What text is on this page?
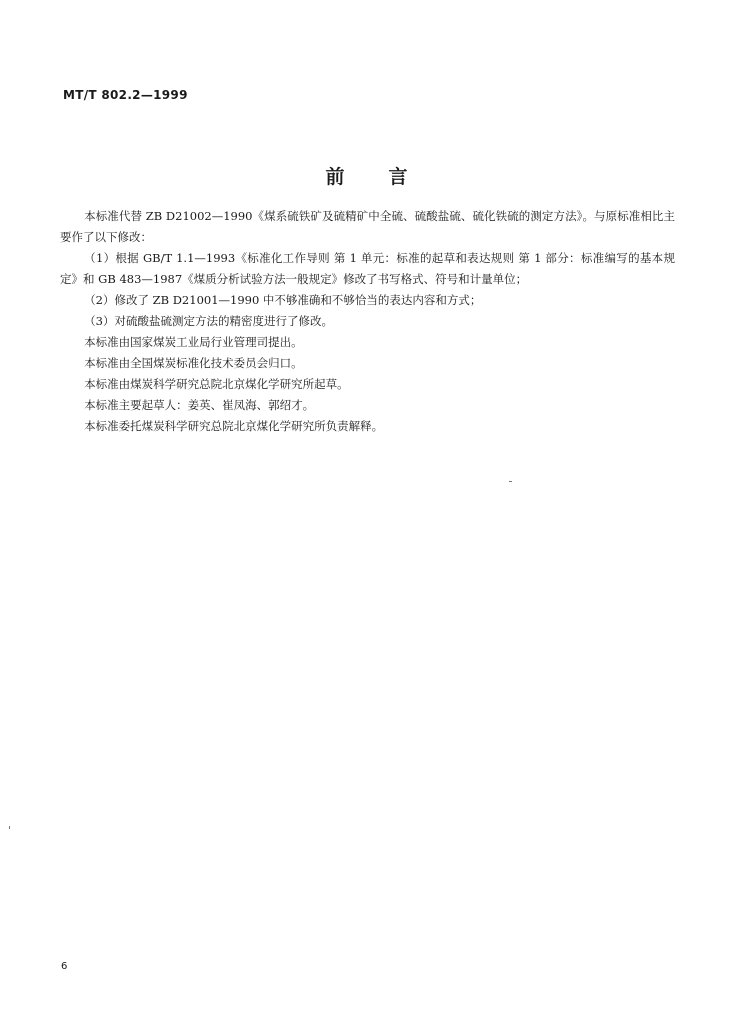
MT/T 802.2—1999
前言

本标准代替 ZB D21002—1990《煤系硫铁矿及硫精矿中全硫、硫酸盐硫、硫化铁硫的测定方法》。与原标准相比主要作了以下修改：

（1）根据 GB/T 1.1—1993《标准化工作导则 第 1 单元：标准的起草和表达规则 第 1 部分：标准编写的基本规定》和 GB 483—1987《煤质分析试验方法一般规定》修改了书写格式、符号和计量单位；

（2）修改了 ZB D21001—1990 中不够准确和不够恰当的表达内容和方式；

（3）对硫酸盐硫测定方法的精密度进行了修改。

本标准由国家煤炭工业局行业管理司提出。

本标准由全国煤炭标准化技术委员会归口。

本标准由煤炭科学研究总院北京煤化学研究所起草。

本标准主要起草人：姜英、崔凤海、郭绍才。

本标准委托煤炭科学研究总院北京煤化学研究所负责解释。

6
